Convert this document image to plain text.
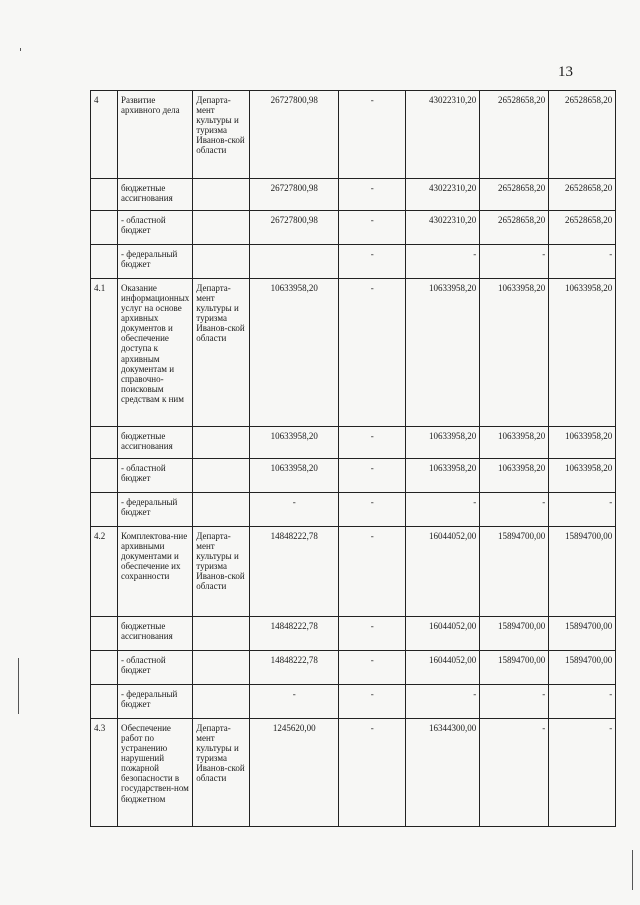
13
4	Развитие архивного дела	Департа-мент культуры и туризма Иванов-ской области	26727800,98	-	43022310,20	26528658,20	26528658,20
	бюджетные ассигнования		26727800,98	-	43022310,20	26528658,20	26528658,20
	- областной бюджет		26727800,98	-	43022310,20	26528658,20	26528658,20
	- федеральный бюджет			-	-	-	-
4.1	Оказание информационных услуг на основе архивных документов и обеспечение доступа к архивным документам и справочно-поисковым средствам к ним	Департа-мент культуры и туризма Иванов-ской области	10633958,20	-	10633958,20	10633958,20	10633958,20
	бюджетные ассигнования		10633958,20	-	10633958,20	10633958,20	10633958,20
	- областной бюджет		10633958,20	-	10633958,20	10633958,20	10633958,20
	- федеральный бюджет		-	-	-	-	-
4.2	Комплектова-ние архивными документами и обеспечение их сохранности	Департа-мент культуры и туризма Иванов-ской области	14848222,78	-	16044052,00	15894700,00	15894700,00
	бюджетные ассигнования		14848222,78	-	16044052,00	15894700,00	15894700,00
	- областной бюджет		14848222,78	-	16044052,00	15894700,00	15894700,00
	- федеральный бюджет		-	-	-	-	-
4.3	Обеспечение работ по устранению нарушений пожарной безопасности в государствен-ном бюджетном	Департа-мент культуры и туризма Иванов-ской области	1245620,00	-	16344300,00	-	-
